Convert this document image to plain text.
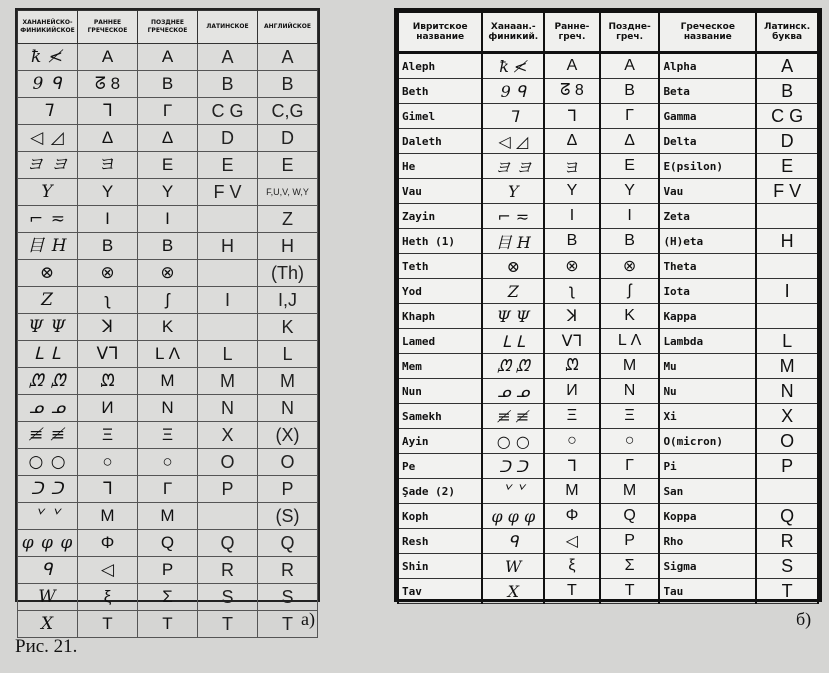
ХАНАНЕЙСКО-ФИНИКИЙСКОЕ	РАННЕЕ ГРЕЧЕСКОЕ	ПОЗДНЕЕ ГРЕЧЕСКОЕ	ЛАТИНСКОЕ	АНГЛИЙСКОЕ
ꝁ ≮	A	A	A	A
9 ᑫ	ᘔ 8	B	B	B
ᒣ	ᒣ	Γ	C G	C,G
◁ ◿	Δ	Δ	D	D
ヨ ヨ	ヨ	E	E	E
Y	Y	Y	F V	F,U,V, W,Y
⌐ ≂	I	I		Z
目 H	B	B	H	H
⊗	⊗	⊗		(Th)
Z	ʅ	ʃ	I	I,J
Ψ Ψ	ꓘ	K		K
ᒪ ᒪ	ᐯᒣ	L Λ	L	L
ᘻ ᘻ	ᘻ	M	M	M
ᓄ ᓄ	И	N	N	N
≢ ≢	Ξ	Ξ	X	(X)
○ ○	○	○	O	O
ᑐ ᑐ	ᒣ	Γ	P	P
ᘁ ᘁ	M	M		(S)
φ φ φ	Φ	Q	Q	Q
ᑫ	◁	P	R	R
W	ξ	Σ	S	S
X	T	T	T	T
Ивритское название	Ханаан.-финикий.	Ранне-греч.	Поздне-греч.	Греческое название	Латинск. буква
Aleph	ꝁ ≮	A	A	Alpha	A
Beth	9 ᑫ	ᘔ 8	B	Beta	B
Gimel	ᒣ	ᒣ	Γ	Gamma	C G
Daleth	◁ ◿	Δ	Δ	Delta	D
He	ヨ ヨ	ヨ	E	E(psilon)	E
Vau	Y	Y	Y	Vau	F V
Zayin	⌐ ≂	I	I	Zeta	
Heth (1)	目 H	B	B	(H)eta	H
Teth	⊗	⊗	⊗	Theta	
Yod	Z	ʅ	ʃ	Iota	I
Khaph	Ψ Ψ	ꓘ	K	Kappa	
Lamed	ᒪ ᒪ	ᐯᒣ	L Λ	Lambda	L
Mem	ᘻ ᘻ	ᘻ	M	Mu	M
Nun	ᓄ ᓄ	И	N	Nu	N
Samekh	≢ ≢	Ξ	Ξ	Xi	X
Ayin	○ ○	○	○	O(micron)	O
Pe	ᑐ ᑐ	ᒣ	Γ	Pi	P
Şade (2)	ᘁ ᘁ	M	M	San	
Koph	φ φ φ	Φ	Q	Koppa	Q
Resh	ᑫ	◁	P	Rho	R
Shin	W	ξ	Σ	Sigma	S
Tav	X	T	T	Tau	T
а)	б)
Рис. 21.
